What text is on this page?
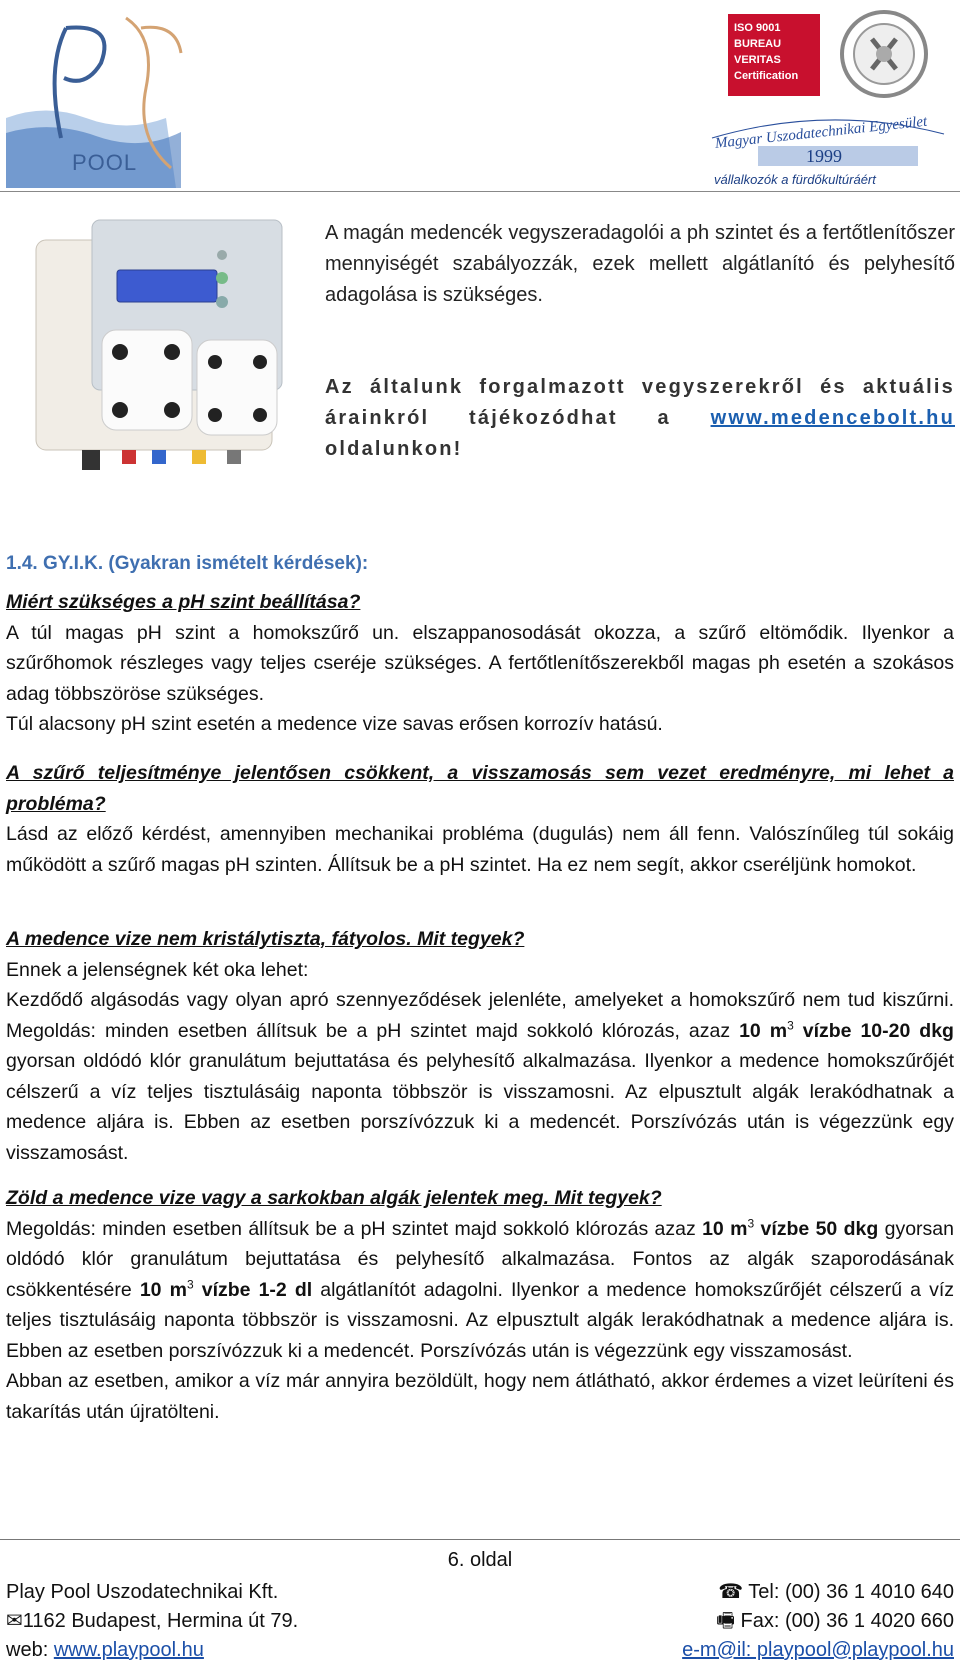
POOL
ISO 9001
BUREAU VERITAS
Certification
Magyar Uszodatechnikai Egyesület
1999
vállalkozók a fürdőkultúráért
A magán medencék vegyszeradagolói a ph szintet és a fertőtlenítőszer mennyiségét szabályozzák, ezek mellett algátlanító és pelyhesítő adagolása is szükséges.
Az általunk forgalmazott vegyszerekről és aktuális árainkról tájékozódhat a www.medencebolt.hu oldalunkon!
1.4. GY.I.K. (Gyakran ismételt kérdések):
Miért szükséges a pH szint beállítása?
A túl magas pH szint a homokszűrő un. elszappanosodását okozza, a szűrő eltömődik. Ilyenkor a szűrőhomok részleges vagy teljes cseréje szükséges. A fertőtlenítőszerekből magas ph esetén a szokásos adag többszöröse szükséges.
Túl alacsony pH szint esetén a medence vize savas erősen korrozív hatású.
A szűrő teljesítménye jelentősen csökkent, a visszamosás sem vezet eredményre, mi lehet a probléma?
Lásd az előző kérdést, amennyiben mechanikai probléma (dugulás) nem áll fenn. Valószínűleg túl sokáig működött a szűrő magas pH szinten. Állítsuk be a pH szintet. Ha ez nem segít, akkor cseréljünk homokot.
A medence vize nem kristálytiszta, fátyolos. Mit tegyek?
Ennek a jelenségnek két oka lehet:
Kezdődő algásodás vagy olyan apró szennyeződések jelenléte, amelyeket a homokszűrő nem tud kiszűrni. Megoldás: minden esetben állítsuk be a pH szintet majd sokkoló klórozás, azaz 10 $m^3$ vízbe 10-20 dkg gyorsan oldódó klór granulátum bejuttatása és pelyhesítő alkalmazása. Ilyenkor a medence homokszűrőjét célszerű a víz teljes tisztulásáig naponta többször is visszamosni. Az elpusztult algák lerakódhatnak a medence aljára is. Ebben az esetben porszívózzuk ki a medencét. Porszívózás után is végezzünk egy visszamosást.
Zöld a medence vize vagy a sarkokban algák jelentek meg. Mit tegyek?
Megoldás: minden esetben állítsuk be a pH szintet majd sokkoló klórozás azaz 10 $m^3$ vízbe 50 dkg gyorsan oldódó klór granulátum bejuttatása és pelyhesítő alkalmazása. Fontos az algák szaporodásának csökkentésére 10 $m^3$ vízbe 1-2 dl algátlanítót adagolni. Ilyenkor a medence homokszűrőjét célszerű a víz teljes tisztulásáig naponta többször is visszamosni. Az elpusztult algák lerakódhatnak a medence aljára is. Ebben az esetben porszívózzuk ki a medencét. Porszívózás után is végezzünk egy visszamosást.
Abban az esetben, amikor a víz már annyira bezöldült, hogy nem átlátható, akkor érdemes a vizet leüríteni és takarítás után újratölteni.
6. oldal
Play Pool Uszodatechnikai Kft.
✉1162 Budapest, Hermina út 79.
web: www.playpool.hu
☎ Tel: (00) 36 1 4010 640
🖷 Fax: (00) 36 1 4020 660
e-m@il: playpool@playpool.hu
